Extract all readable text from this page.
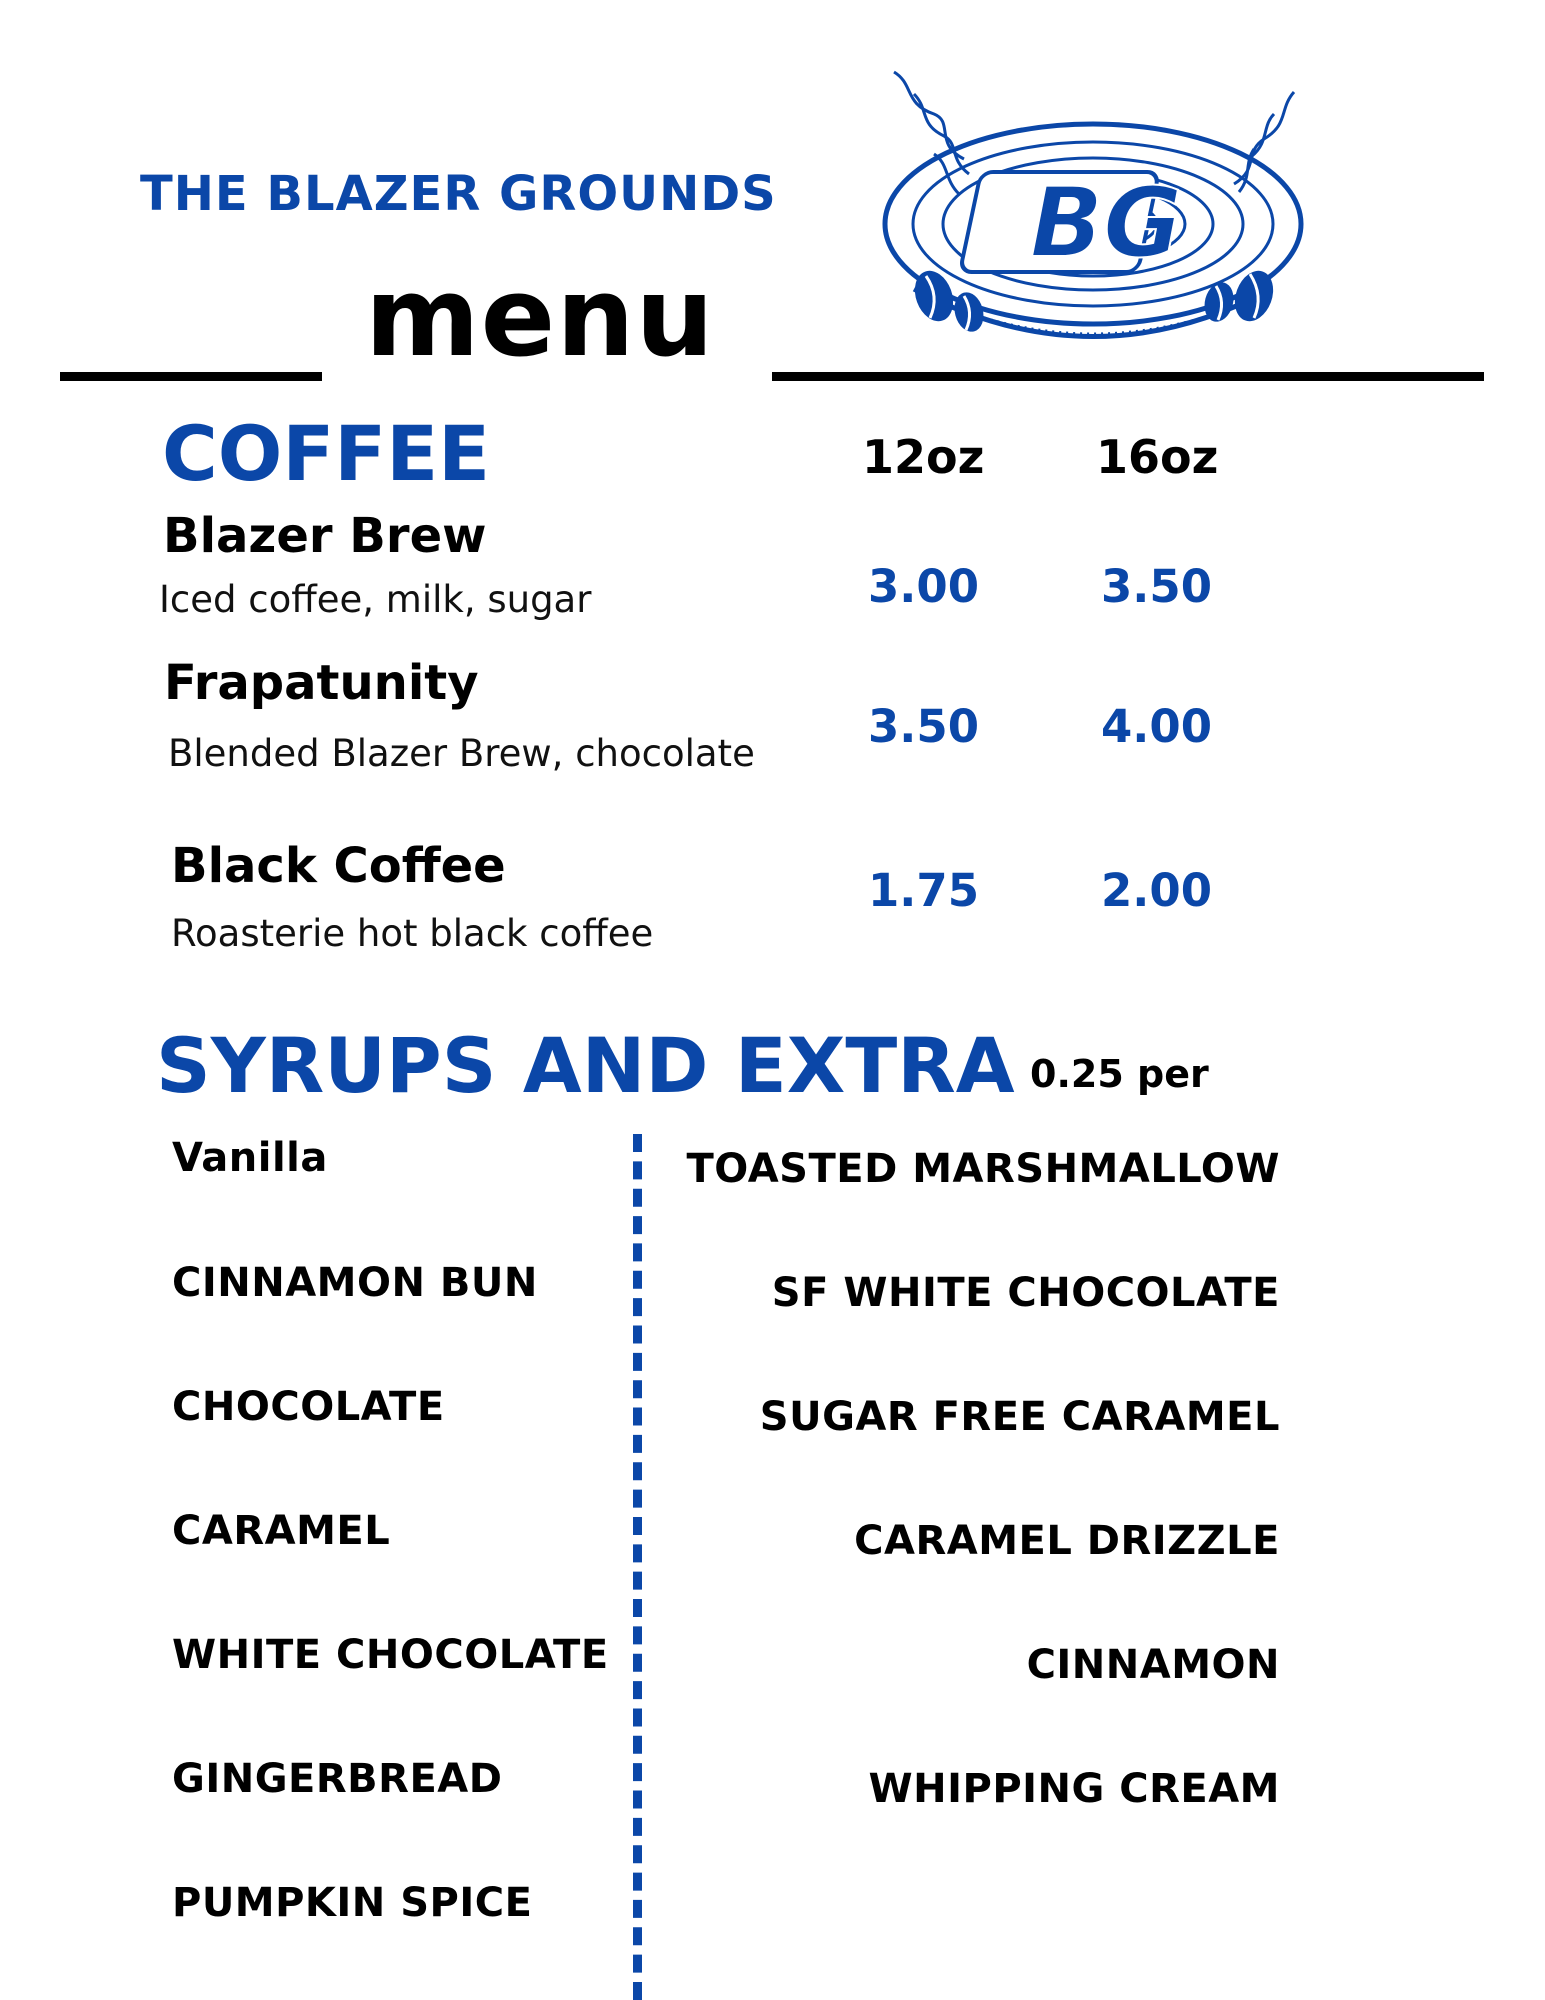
THE BLAZER GROUNDS
menu
BG
COFFEE	12oz 16oz
Blazer Brew
Iced coffee, milk, sugar	3.00	3.50
Frapatunity
Blended Blazer Brew, chocolate
3.50	4.00
Black Coffee
Roasterie hot black coffee
1.75	2.00
SYRUPS AND EXTRA 0.25 per
Vanilla
CINNAMON BUN
CHOCOLATE
CARAMEL
WHITE CHOCOLATE
GINGERBREAD
PUMPKIN SPICE
TOASTED MARSHMALLOW
SF WHITE CHOCOLATE
SUGAR FREE CARAMEL
CARAMEL DRIZZLE
CINNAMON
WHIPPING CREAM
